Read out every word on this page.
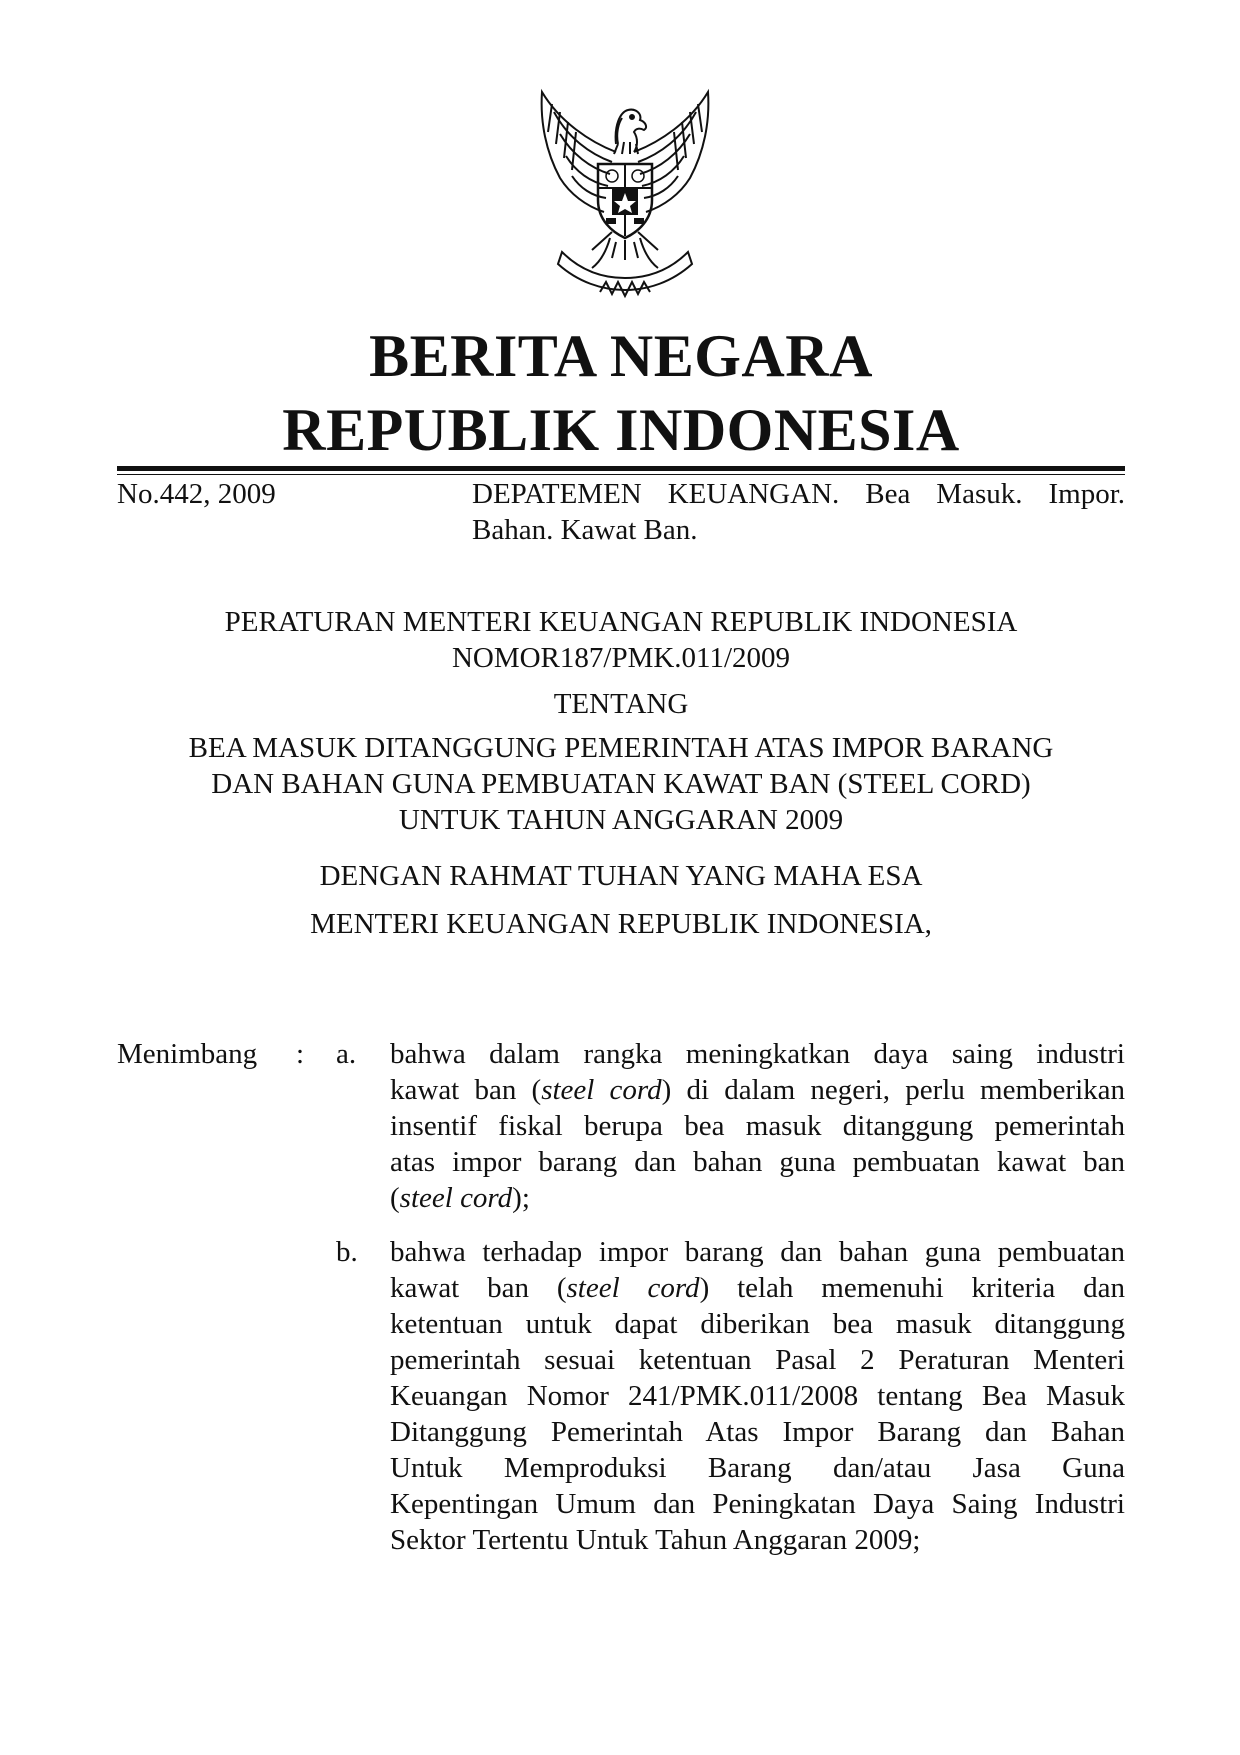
BERITA NEGARA
REPUBLIK INDONESIA
No.442, 2009	DEPATEMEN KEUANGAN. Bea Masuk. Impor.
Bahan. Kawat Ban.
PERATURAN MENTERI KEUANGAN REPUBLIK INDONESIA
NOMOR187/PMK.011/2009
TENTANG
BEA MASUK DITANGGUNG PEMERINTAH ATAS IMPOR BARANG
DAN BAHAN GUNA PEMBUATAN KAWAT BAN (STEEL CORD)
UNTUK TAHUN ANGGARAN 2009
DENGAN RAHMAT TUHAN YANG MAHA ESA
MENTERI KEUANGAN REPUBLIK INDONESIA,
Menimbang : a. bahwa dalam rangka meningkatkan daya saing industri
kawat ban (steel cord) di dalam negeri, perlu memberikan
insentif fiskal berupa bea masuk ditanggung pemerintah
atas impor barang dan bahan guna pembuatan kawat ban
(steel cord);
b. bahwa terhadap impor barang dan bahan guna pembuatan
kawat ban (steel cord) telah memenuhi kriteria dan
ketentuan untuk dapat diberikan bea masuk ditanggung
pemerintah sesuai ketentuan Pasal 2 Peraturan Menteri
Keuangan Nomor 241/PMK.011/2008 tentang Bea Masuk
Ditanggung Pemerintah Atas Impor Barang dan Bahan
Untuk Memproduksi Barang dan/atau Jasa Guna
Kepentingan Umum dan Peningkatan Daya Saing Industri
Sektor Tertentu Untuk Tahun Anggaran 2009;
